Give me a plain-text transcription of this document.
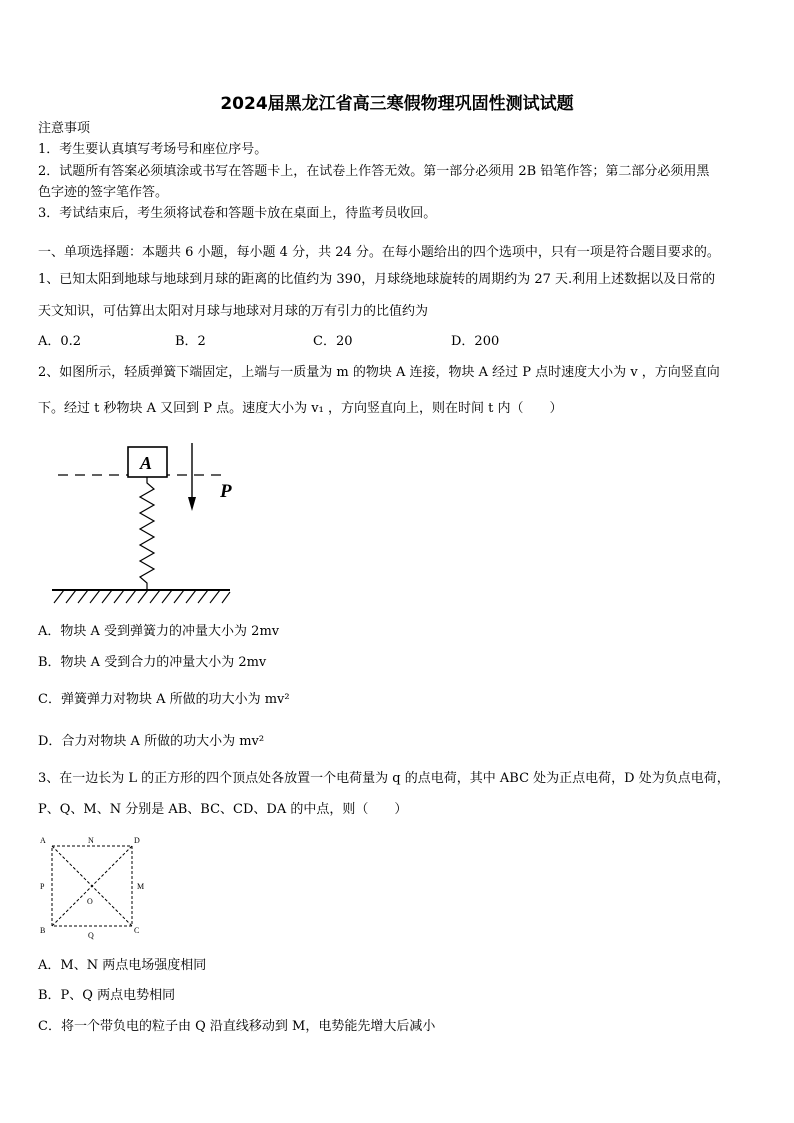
2024届黑龙江省高三寒假物理巩固性测试试题
注意事项
1．考生要认真填写考场号和座位序号。
2．试题所有答案必须填涂或书写在答题卡上，在试卷上作答无效。第一部分必须用 2B 铅笔作答；第二部分必须用黑
色字迹的签字笔作答。
3．考试结束后，考生须将试卷和答题卡放在桌面上，待监考员收回。
一、单项选择题：本题共 6 小题，每小题 4 分，共 24 分。在每小题给出的四个选项中，只有一项是符合题目要求的。
1、已知太阳到地球与地球到月球的距离的比值约为 390，月球绕地球旋转的周期约为 27 天.利用上述数据以及日常的
天文知识，可估算出太阳对月球与地球对月球的万有引力的比值约为
A．0.2	B．2	C．20	D．200
2、如图所示，轻质弹簧下端固定，上端与一质量为 m 的物块 A 连接，物块 A 经过 P 点时速度大小为 v ，方向竖直向
下。经过 t 秒物块 A 又回到 P 点。速度大小为 v₁ ，方向竖直向上，则在时间 t 内（　　）
A
P
A．物块 A 受到弹簧力的冲量大小为 2mv
B．物块 A 受到合力的冲量大小为 2mv
C．弹簧弹力对物块 A 所做的功大小为 mv²
D．合力对物块 A 所做的功大小为 mv²
3、在一边长为 L 的正方形的四个顶点处各放置一个电荷量为 q 的点电荷，其中 ABC 处为正点电荷，D 处为负点电荷，
P、Q、M、N 分别是 AB、BC、CD、DA 的中点，则（　　）
A	N	D
P
O
M
B
Q
C
A．M、N 两点电场强度相同
B．P、Q 两点电势相同
C．将一个带负电的粒子由 Q 沿直线移动到 M，电势能先增大后减小
